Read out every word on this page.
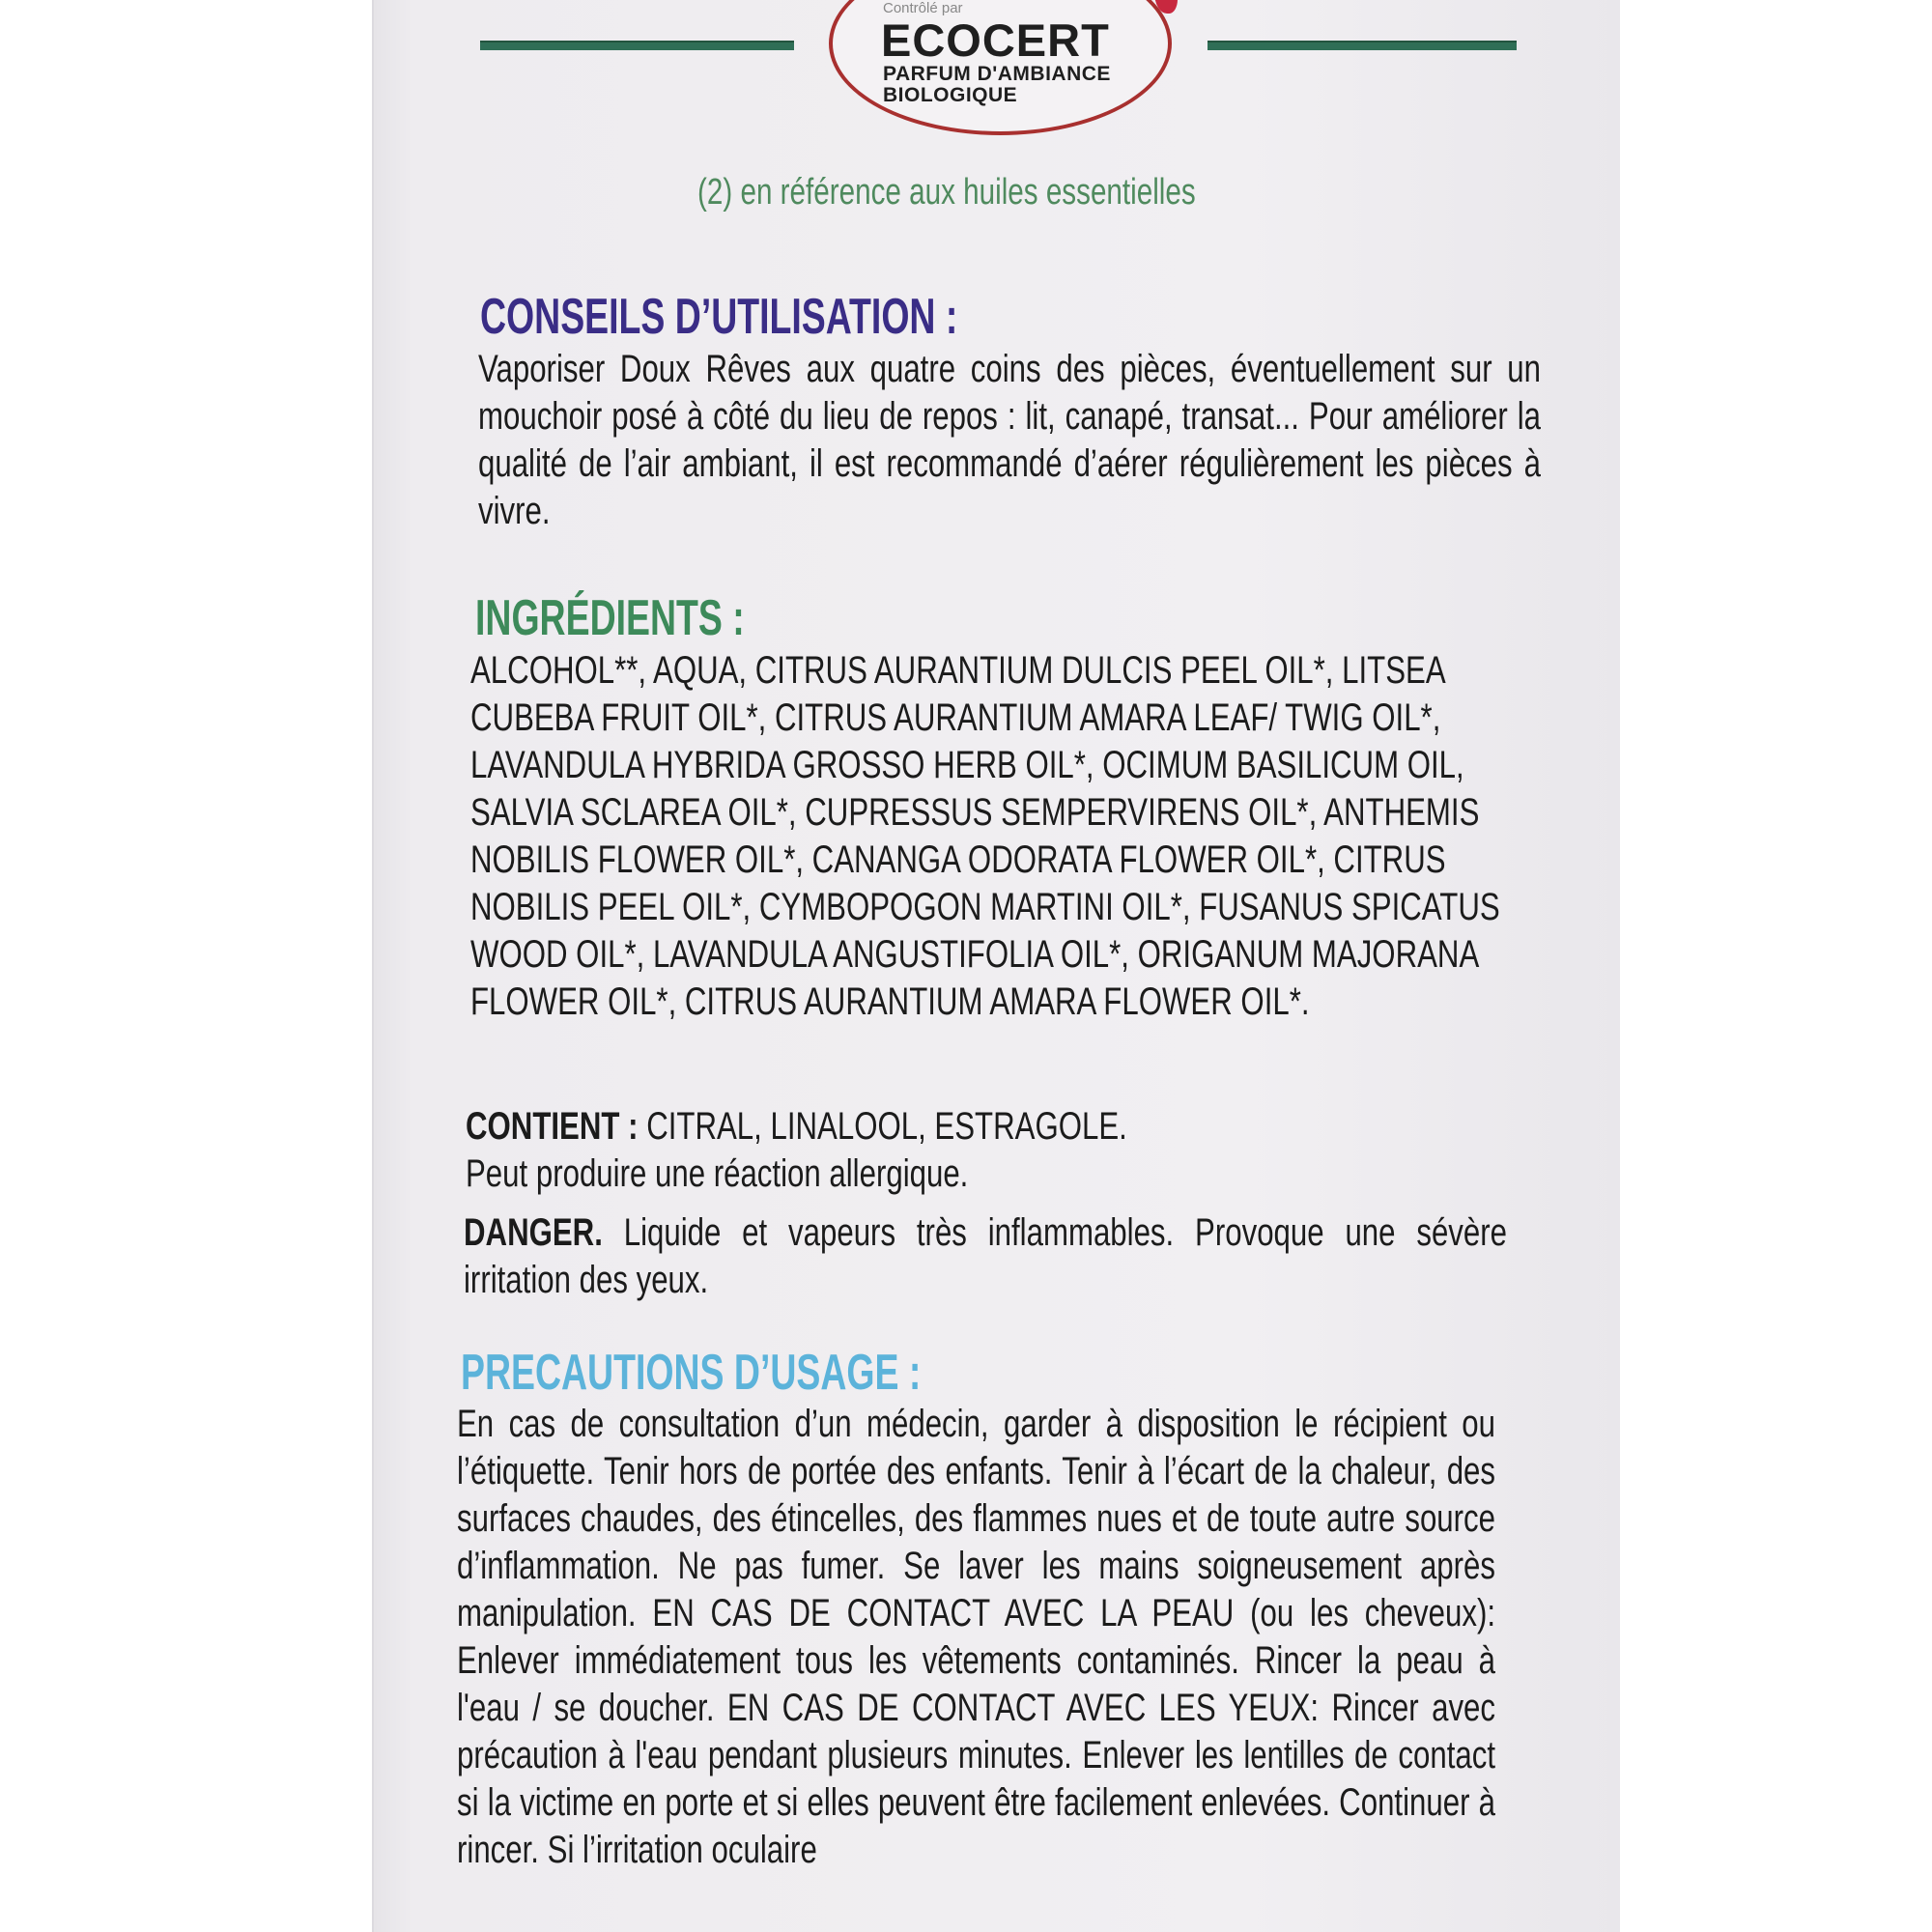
Contrôlé par
ECOCERT
PARFUM D'AMBIANCE
BIOLOGIQUE
(2) en référence aux huiles essentielles
CONSEILS D’UTILISATION :

Vaporiser Doux Rêves aux quatre coins des pièces, éventuellement sur un mouchoir posé à côté du lieu de repos : lit, canapé, transat... Pour améliorer la qualité de l’air ambiant, il est recommandé d’aérer régulièrement les pièces à vivre.

INGRÉDIENTS :

ALCOHOL**, AQUA, CITRUS AURANTIUM DULCIS PEEL OIL*, LITSEA CUBEBA FRUIT OIL*, CITRUS AURANTIUM AMARA LEAF/ TWIG OIL*, LAVANDULA HYBRIDA GROSSO HERB OIL*, OCIMUM BASILICUM OIL, SALVIA SCLAREA OIL*, CUPRESSUS SEMPERVIRENS OIL*, ANTHEMIS NOBILIS FLOWER OIL*, CANANGA ODORATA FLOWER OIL*, CITRUS NOBILIS PEEL OIL*, CYMBOPOGON MARTINI OIL*, FUSANUS SPICATUS WOOD OIL*, LAVANDULA ANGUSTIFOLIA OIL*, ORIGANUM MAJORANA FLOWER OIL*, CITRUS AURANTIUM AMARA FLOWER OIL*.

CONTIENT : CITRAL, LINALOOL, ESTRAGOLE.

Peut produire une réaction allergique.

DANGER. Liquide et vapeurs très inflammables. Provoque une sévère irritation des yeux.

PRECAUTIONS D’USAGE :

En cas de consultation d’un médecin, garder à disposition le récipient ou l’étiquette. Tenir hors de portée des enfants. Tenir à l’écart de la chaleur, des surfaces chaudes, des étincelles, des flammes nues et de toute autre source d’inflammation. Ne pas fumer. Se laver les mains soigneusement après manipulation. EN CAS DE CONTACT AVEC LA PEAU (ou les cheveux): Enlever immédiatement tous les vêtements contaminés. Rincer la peau à l'eau / se doucher. EN CAS DE CONTACT AVEC LES YEUX: Rincer avec précaution à l'eau pendant plusieurs minutes. Enlever les lentilles de contact si la victime en porte et si elles peuvent être facilement enlevées. Continuer à rincer. Si l’irritation oculaire
